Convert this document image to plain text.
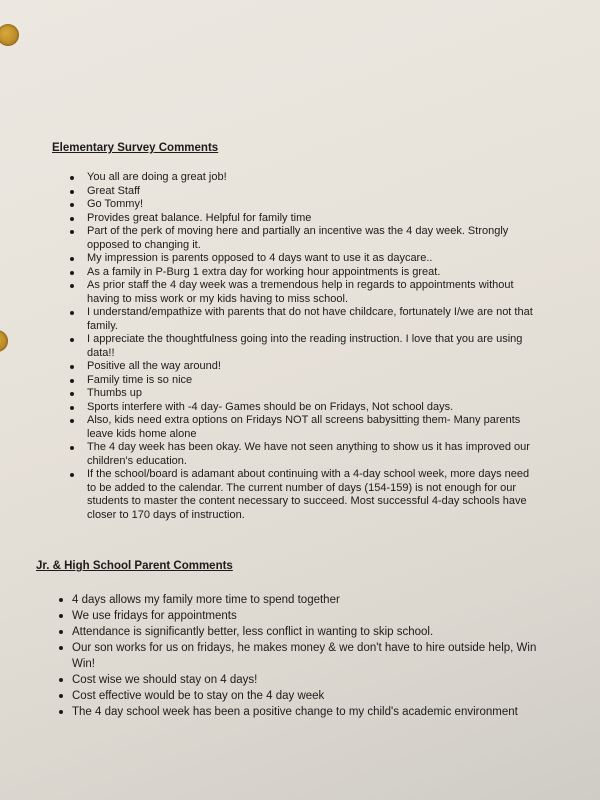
Elementary Survey Comments
You all are doing a great job!
Great Staff
Go Tommy!
Provides great balance. Helpful for family time
Part of the perk of moving here and partially an incentive was the 4 day week. Strongly opposed to changing it.
My impression is parents opposed to 4 days want to use it as daycare..
As a family in P-Burg 1 extra day for working hour appointments is great.
As prior staff the 4 day week was a tremendous help in regards to appointments without having to miss work or my kids having to miss school.
I understand/empathize with parents that do not have childcare, fortunately I/we are not that family.
I appreciate the thoughtfulness going into the reading instruction. I love that you are using data!!
Positive all the way around!
Family time is so nice
Thumbs up
Sports interfere with -4 day- Games should be on Fridays, Not school days.
Also, kids need extra options on Fridays NOT all screens babysitting them- Many parents leave kids home alone
The 4 day week has been okay. We have not seen anything to show us it has improved our children's education.
If the school/board is adamant about continuing with a 4-day school week, more days need to be added to the calendar. The current number of days (154-159) is not enough for our students to master the content necessary to succeed. Most successful 4-day schools have closer to 170 days of instruction.
Jr. & High School Parent Comments
4 days allows my family more time to spend together
We use fridays for appointments
Attendance is significantly better, less conflict in wanting to skip school.
Our son works for us on fridays, he makes money & we don't have to hire outside help, Win Win!
Cost wise we should stay on 4 days!
Cost effective would be to stay on the 4 day week
The 4 day school week has been a positive change to my child's academic environment
